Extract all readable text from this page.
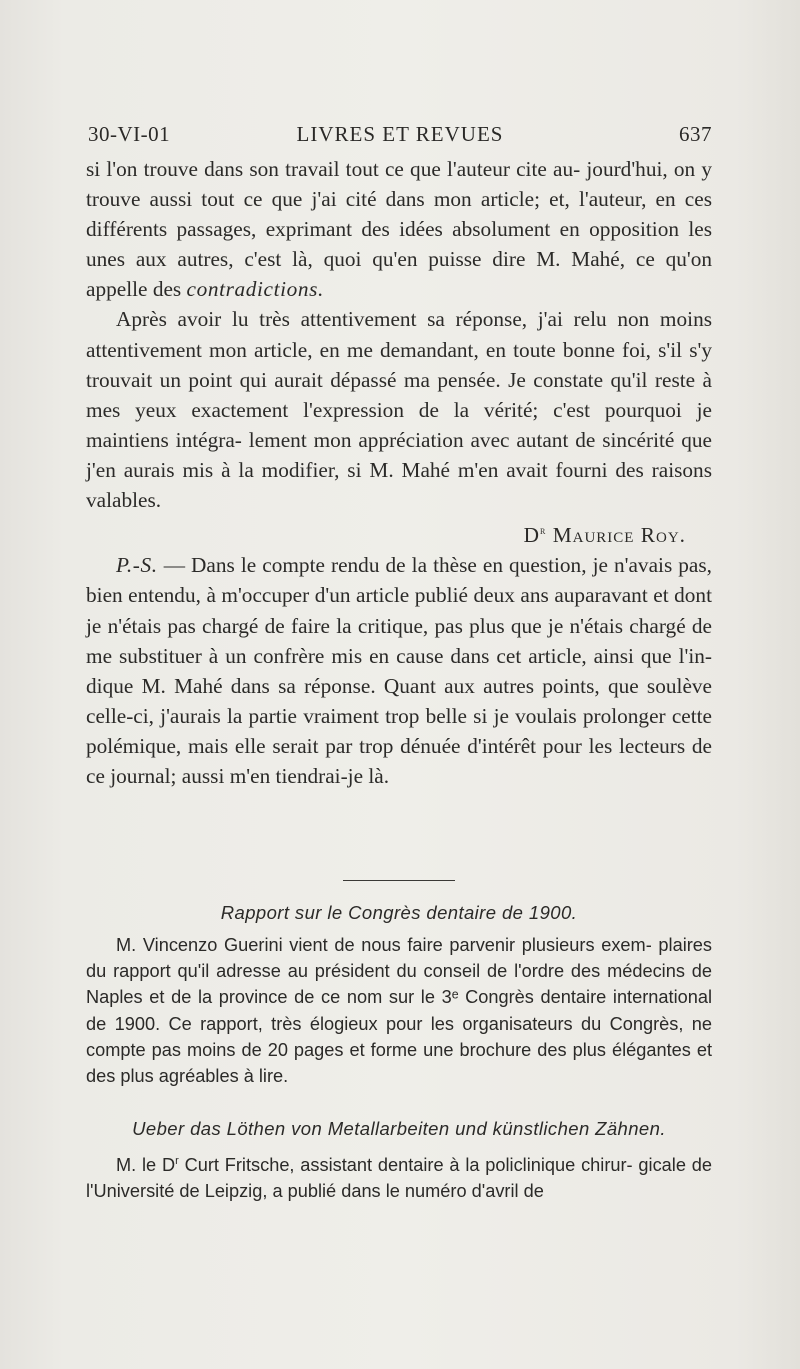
30-VI-01	LIVRES ET REVUES	637

si l'on trouve dans son travail tout ce que l'auteur cite au- jourd'hui, on y trouve aussi tout ce que j'ai cité dans mon article; et, l'auteur, en ces différents passages, exprimant des idées absolument en opposition les unes aux autres, c'est là, quoi qu'en puisse dire M. Mahé, ce qu'on appelle des contradictions.

Après avoir lu très attentivement sa réponse, j'ai relu non moins attentivement mon article, en me demandant, en toute bonne foi, s'il s'y trouvait un point qui aurait dépassé ma pensée. Je constate qu'il reste à mes yeux exactement l'expression de la vérité; c'est pourquoi je maintiens intégra- lement mon appréciation avec autant de sincérité que j'en aurais mis à la modifier, si M. Mahé m'en avait fourni des raisons valables.

$D^r$ Maurice Roy.

P.-S. — Dans le compte rendu de la thèse en question, je n'avais pas, bien entendu, à m'occuper d'un article publié deux ans auparavant et dont je n'étais pas chargé de faire la critique, pas plus que je n'étais chargé de me substituer à un confrère mis en cause dans cet article, ainsi que l'in- dique M. Mahé dans sa réponse. Quant aux autres points, que soulève celle-ci, j'aurais la partie vraiment trop belle si je voulais prolonger cette polémique, mais elle serait par trop dénuée d'intérêt pour les lecteurs de ce journal; aussi m'en tiendrai-je là.

Rapport sur le Congrès dentaire de 1900.

M. Vincenzo Guerini vient de nous faire parvenir plusieurs exem- plaires du rapport qu'il adresse au président du conseil de l'ordre des médecins de Naples et de la province de ce nom sur le 3ᵉ Congrès dentaire international de 1900. Ce rapport, très élogieux pour les organisateurs du Congrès, ne compte pas moins de 20 pages et forme une brochure des plus élégantes et des plus agréables à lire.

Ueber das Löthen von Metallarbeiten und künstlichen Zähnen.

M. le $D^r$ Curt Fritsche, assistant dentaire à la policlinique chirur- gicale de l'Université de Leipzig, a publié dans le numéro d'avril de
